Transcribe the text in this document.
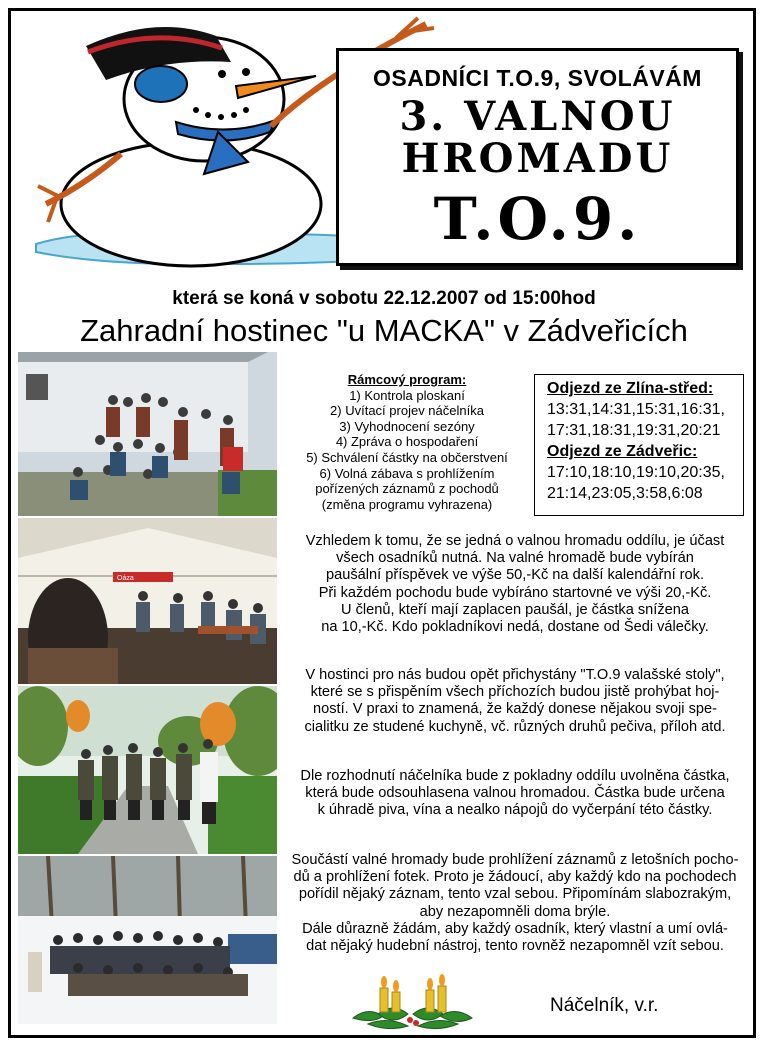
OSADNÍCI T.O.9, SVOLÁVÁM
3. VALNOU
HROMADU
T.O.9.
která se koná v sobotu 22.12.2007 od 15:00hod
Zahradní hostinec "u MACKA" v Zádveřicích
Oáza
Rámcový program:
1) Kontrola ploskaní
2) Uvítací projev náčelníka
3) Vyhodnocení sezóny
4) Zpráva o hospodaření
5) Schválení částky na občerstvení
6) Volná zábava s prohlížením
pořízených záznamů z pochodů
(změna programu vyhrazena)
Odjezd ze Zlína-střed:
13:31,14:31,15:31,16:31,
17:31,18:31,19:31,20:21
Odjezd ze Zádveřic:
17:10,18:10,19:10,20:35,
21:14,23:05,3:58,6:08
Vzhledem k tomu, že se jedná o valnou hromadu oddílu, je účast
všech osadníků nutná. Na valné hromadě bude vybírán
paušální příspěvek ve výše 50,-Kč na další kalendářní rok.
Při každém pochodu bude vybíráno startovné ve výši 20,-Kč.
U členů, kteří mají zaplacen paušál, je částka snížena
na 10,-Kč. Kdo pokladníkovi nedá, dostane od Šedi válečky.
V hostinci pro nás budou opět přichystány "T.O.9 valašské stoly",
které se s přispěním všech příchozích budou jistě prohýbat hoj-
ností. V praxi to znamená, že každý donese nějakou svoji spe-
cialitku ze studené kuchyně, vč. různých druhů pečiva, příloh atd.
Dle rozhodnutí náčelníka bude z pokladny oddílu uvolněna částka,
která bude odsouhlasena valnou hromadou. Částka bude určena
k úhradě piva, vína a nealko nápojů do vyčerpání této částky.
Součástí valné hromady bude prohlížení záznamů z letošních pocho-
dů a prohlížení fotek. Proto je žádoucí, aby každý kdo na pochodech
pořídil nějaký záznam, tento vzal sebou. Připomínám slabozrakým,
aby nezapomněli doma brýle.
Dále důrazně žádám, aby každý osadník, který vlastní a umí ovlá-
dat nějaký hudební nástroj, tento rovněž nezapomněl vzít sebou.
Náčelník, v.r.
